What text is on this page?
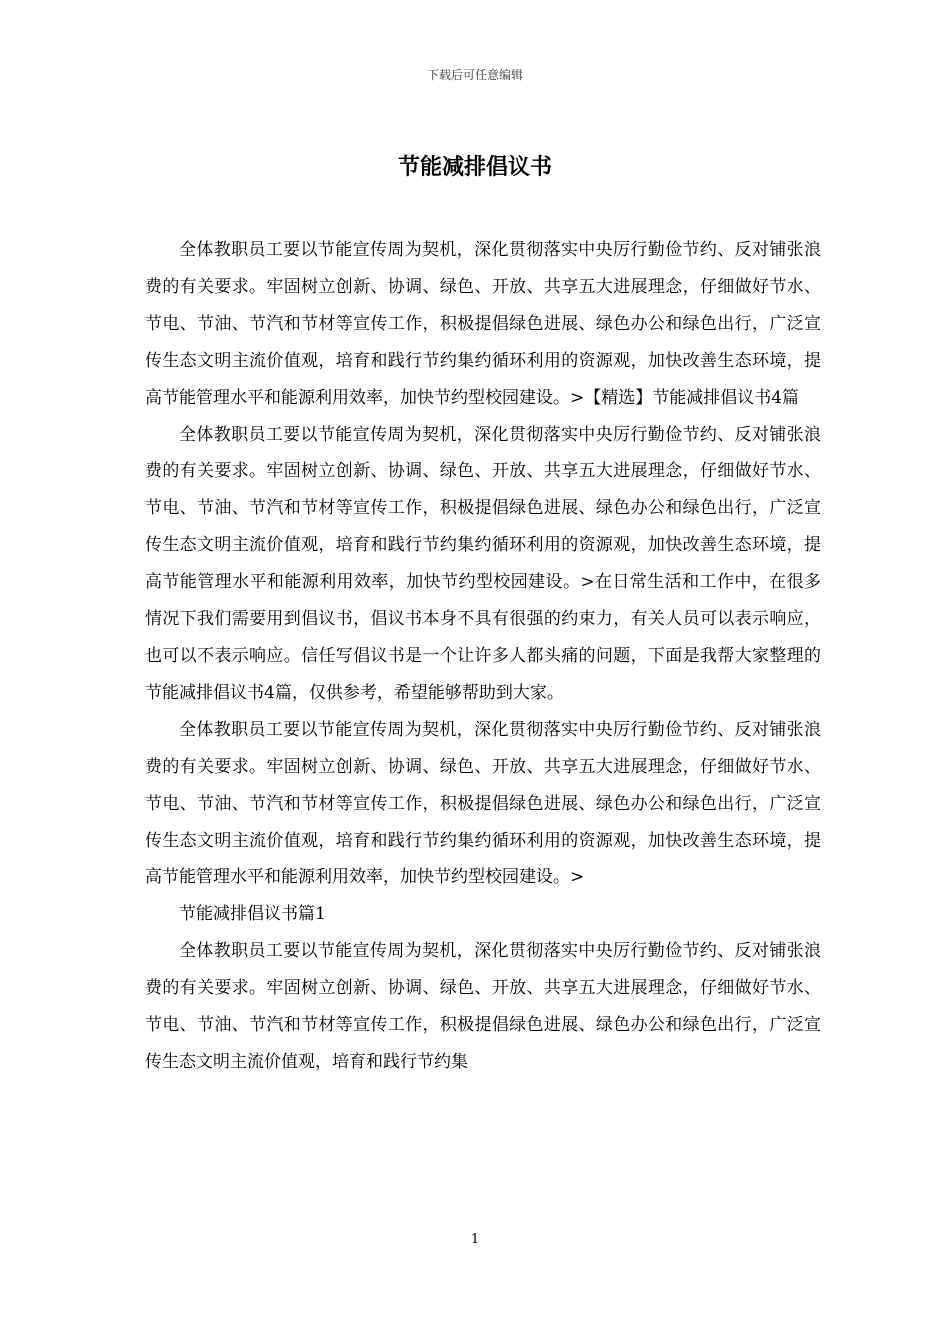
下载后可任意编辑
节能减排倡议书

全体教职员工要以节能宣传周为契机，深化贯彻落实中央厉行勤俭节约、反对铺张浪费的有关要求。牢固树立创新、协调、绿色、开放、共享五大进展理念，仔细做好节水、节电、节油、节汽和节材等宣传工作，积极提倡绿色进展、绿色办公和绿色出行，广泛宣传生态文明主流价值观，培育和践行节约集约循环利用的资源观，加快改善生态环境，提高节能管理水平和能源利用效率，加快节约型校园建设。>【精选】节能减排倡议书4篇

全体教职员工要以节能宣传周为契机，深化贯彻落实中央厉行勤俭节约、反对铺张浪费的有关要求。牢固树立创新、协调、绿色、开放、共享五大进展理念，仔细做好节水、节电、节油、节汽和节材等宣传工作，积极提倡绿色进展、绿色办公和绿色出行，广泛宣传生态文明主流价值观，培育和践行节约集约循环利用的资源观，加快改善生态环境，提高节能管理水平和能源利用效率，加快节约型校园建设。>在日常生活和工作中，在很多情况下我们需要用到倡议书，倡议书本身不具有很强的约束力，有关人员可以表示响应，也可以不表示响应。信任写倡议书是一个让许多人都头痛的问题，下面是我帮大家整理的节能减排倡议书4篇，仅供参考，希望能够帮助到大家。

全体教职员工要以节能宣传周为契机，深化贯彻落实中央厉行勤俭节约、反对铺张浪费的有关要求。牢固树立创新、协调、绿色、开放、共享五大进展理念，仔细做好节水、节电、节油、节汽和节材等宣传工作，积极提倡绿色进展、绿色办公和绿色出行，广泛宣传生态文明主流价值观，培育和践行节约集约循环利用的资源观，加快改善生态环境，提高节能管理水平和能源利用效率，加快节约型校园建设。>

节能减排倡议书篇1

全体教职员工要以节能宣传周为契机，深化贯彻落实中央厉行勤俭节约、反对铺张浪费的有关要求。牢固树立创新、协调、绿色、开放、共享五大进展理念，仔细做好节水、节电、节油、节汽和节材等宣传工作，积极提倡绿色进展、绿色办公和绿色出行，广泛宣传生态文明主流价值观，培育和践行节约集

1
